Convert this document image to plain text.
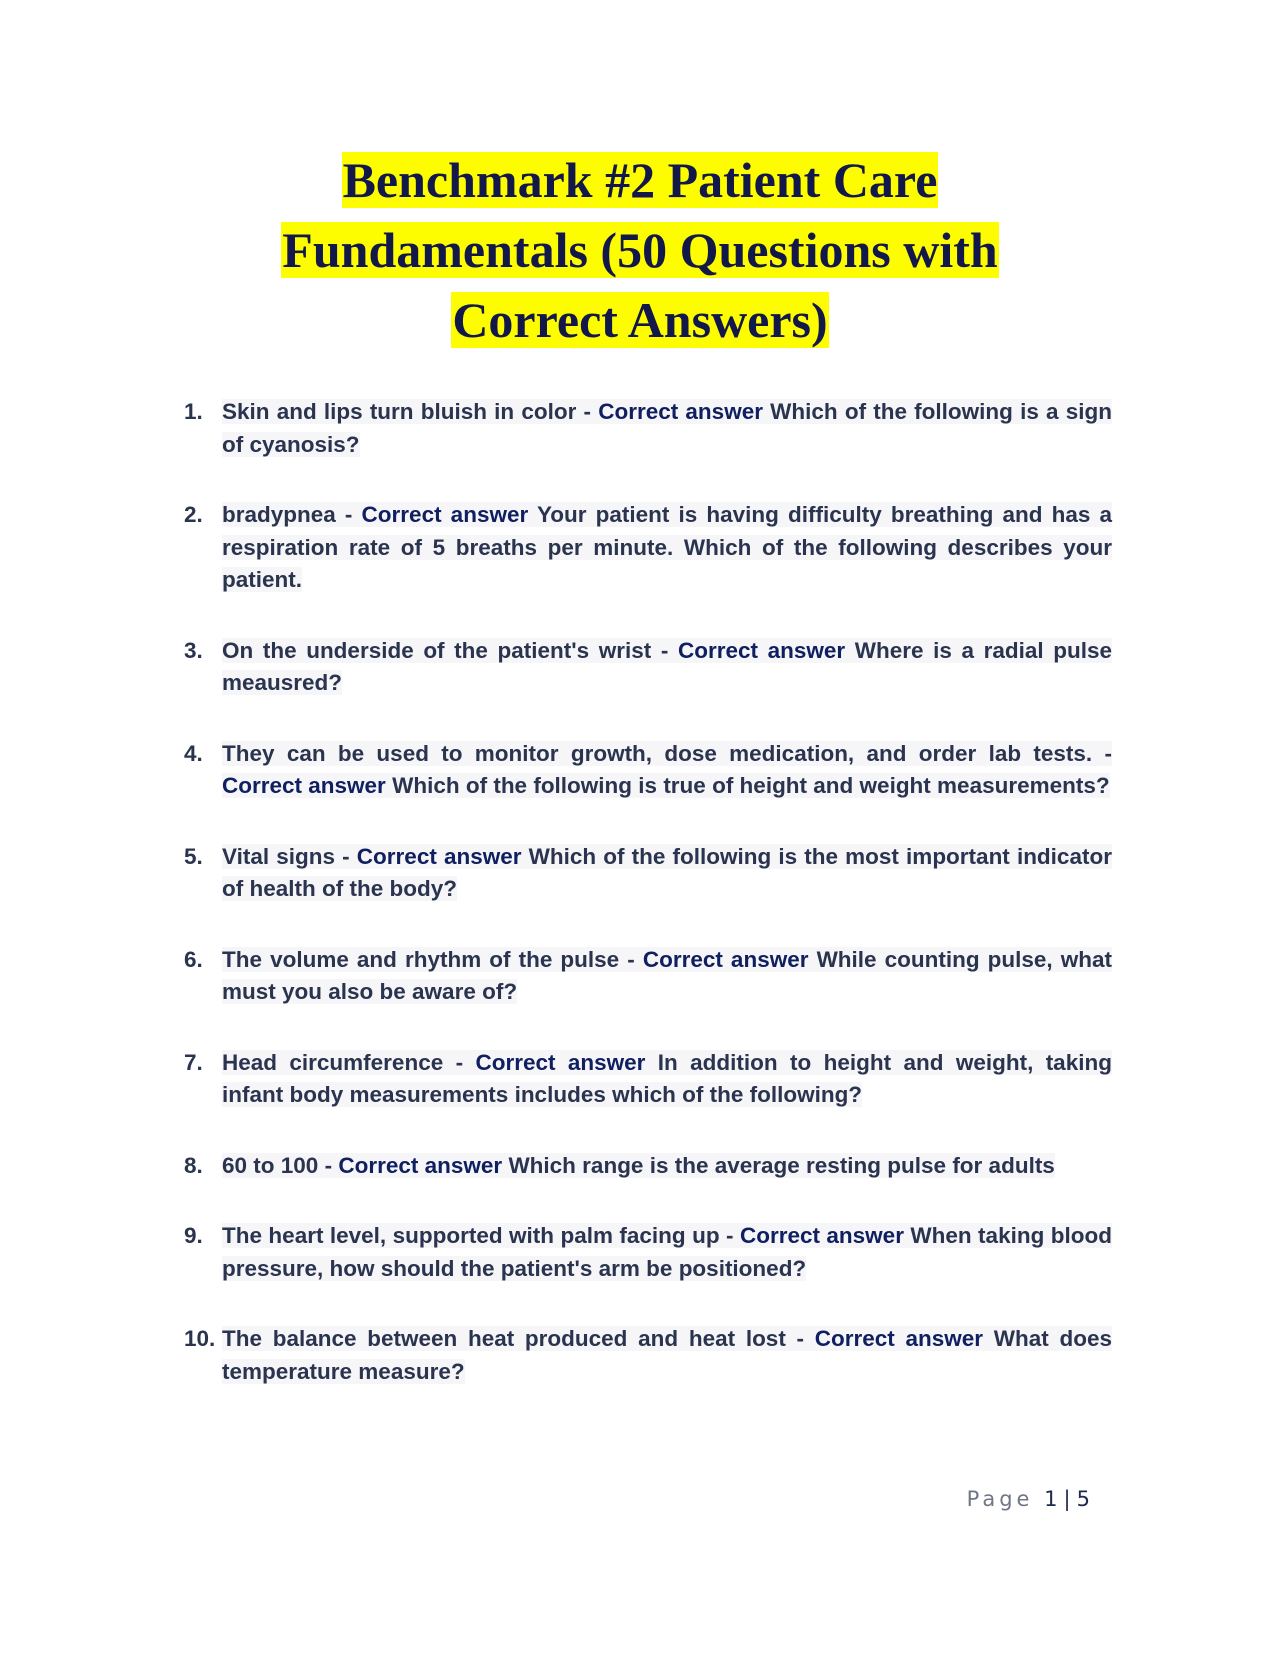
Benchmark #2 Patient Care
Fundamentals (50 Questions with
Correct Answers)
1. Skin and lips turn bluish in color - Correct answer Which of the following is a sign of cyanosis?
2. bradypnea - Correct answer Your patient is having difficulty breathing and has a respiration rate of 5 breaths per minute. Which of the following describes your patient.
3. On the underside of the patient's wrist - Correct answer Where is a radial pulse meausred?
4. They can be used to monitor growth, dose medication, and order lab tests. - Correct answer Which of the following is true of height and weight measurements?
5. Vital signs - Correct answer Which of the following is the most important indicator of health of the body?
6. The volume and rhythm of the pulse - Correct answer While counting pulse, what must you also be aware of?
7. Head circumference - Correct answer In addition to height and weight, taking infant body measurements includes which of the following?
8. 60 to 100 - Correct answer Which range is the average resting pulse for adults
9. The heart level, supported with palm facing up - Correct answer When taking blood pressure, how should the patient's arm be positioned?
10. The balance between heat produced and heat lost - Correct answer What does temperature measure?
Page 1 | 5
